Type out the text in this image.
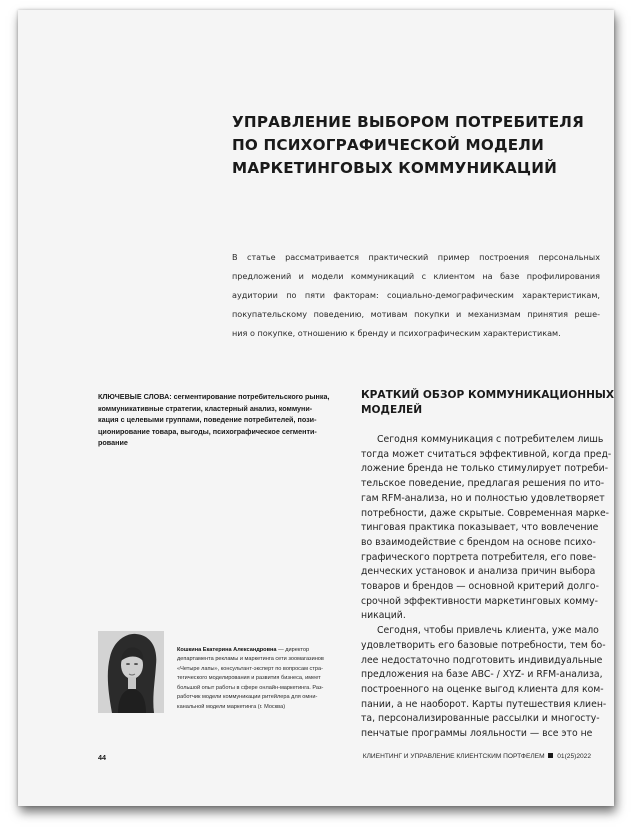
УПРАВЛЕНИЕ ВЫБОРОМ ПОТРЕБИТЕЛЯ
ПО ПСИХОГРАФИЧЕСКОЙ МОДЕЛИ
МАРКЕТИНГОВЫХ КОММУНИКАЦИЙ
В статье рассматривается практический пример построения персональных
предложений и модели коммуникаций с клиентом на базе профилирования
аудитории по пяти факторам: социально-демографическим характеристикам,
покупательскому поведению, мотивам покупки и механизмам принятия реше-
ния о покупке, отношению к бренду и психографическим характеристикам.
КЛЮЧЕВЫЕ СЛОВА: сегментирование потребительского рынка,
коммуникативные стратегии, кластерный анализ, коммуни-
кация с целевыми группами, поведение потребителей, пози-
ционирование товара, выгоды, психографическое сегменти-
рование
КРАТКИЙ ОБЗОР КОММУНИКАЦИОННЫХ
МОДЕЛЕЙ
Сегодня коммуникация с потребителем лишь
тогда может считаться эффективной, когда пред-
ложение бренда не только стимулирует потреби-
тельское поведение, предлагая решения по ито-
гам RFM-анализа, но и полностью удовлетворяет
потребности, даже скрытые. Современная марке-
тинговая практика показывает, что вовлечение
во взаимодействие с брендом на основе психо-
графического портрета потребителя, его пове-
денческих установок и анализа причин выбора
товаров и брендов — основной критерий долго-
срочной эффективности маркетинговых комму-
никаций.
Сегодня, чтобы привлечь клиента, уже мало
удовлетворить его базовые потребности, тем бо-
лее недостаточно подготовить индивидуальные
предложения на базе ABC- / XYZ- и RFM-анализа,
построенного на оценке выгод клиента для ком-
пании, а не наоборот. Карты путешествия клиен-
та, персонализированные рассылки и многосту-
пенчатые программы лояльности — все это не
Кошкина Екатерина Александровна — директор
департамента рекламы и маркетинга сети зоомагазинов
«Четыре лапы», консультант-эксперт по вопросам стра-
тегического моделирования и развития бизнеса, имеет
большой опыт работы в сфере онлайн-маркетинга. Раз-
работчик модели коммуникации ритейлера для омни-
канальной модели маркетинга (г. Москва)
44	КЛИЕНТИНГ И УПРАВЛЕНИЕ КЛИЕНТСКИМ ПОРТФЕЛЕМ 01(25)2022
